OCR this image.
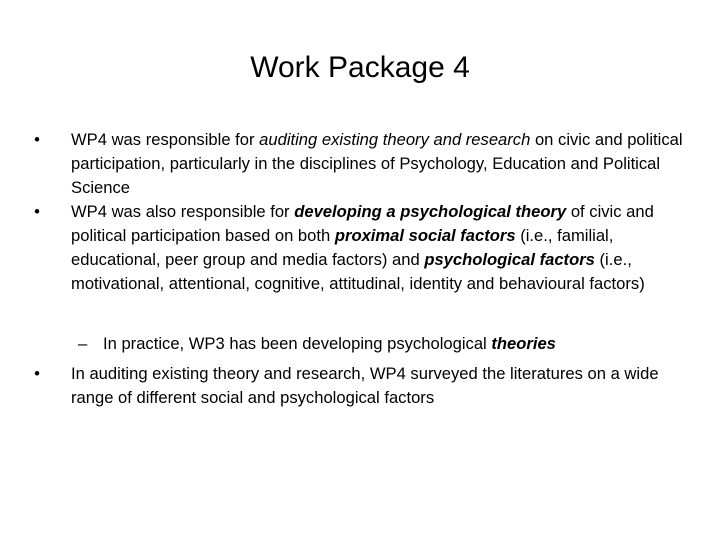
Work Package 4
• WP4 was responsible for auditing existing theory and research on civic and political participation, particularly in the disciplines of Psychology, Education and Political Science
• WP4 was also responsible for developing a psychological theory of civic and political participation based on both proximal social factors (i.e., familial, educational, peer group and media factors) and psychological factors (i.e., motivational, attentional, cognitive, attitudinal, identity and behavioural factors)
– In practice, WP3 has been developing psychological theories
• In auditing existing theory and research, WP4 surveyed the literatures on a wide range of different social and psychological factors
